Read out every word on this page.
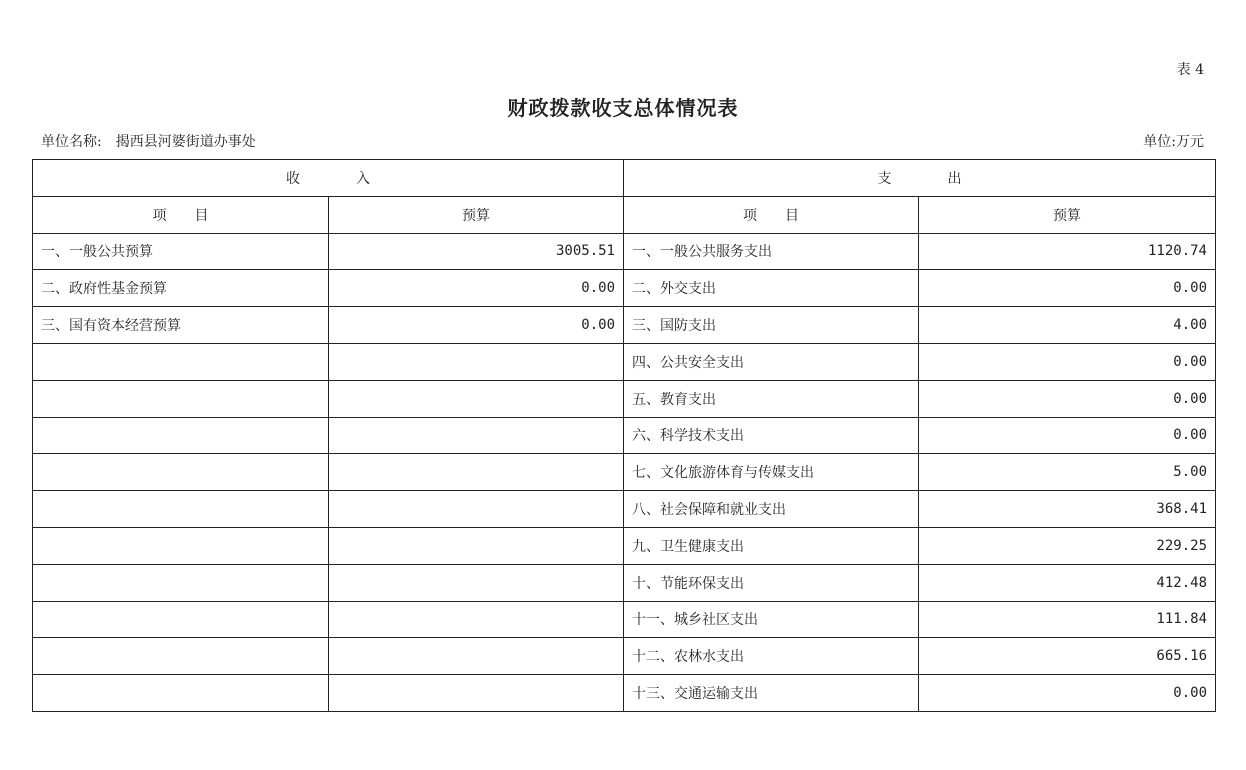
表 4
财政拨款收支总体情况表
单位名称: 揭西县河婆街道办事处	单位:万元
收 入		支 出	
项　　目	预算	项　　目	预算
一、一般公共预算	3005.51	一、一般公共服务支出	1120.74
二、政府性基金预算	0.00	二、外交支出	0.00
三、国有资本经营预算	0.00	三、国防支出	4.00
		四、公共安全支出	0.00
		五、教育支出	0.00
		六、科学技术支出	0.00
		七、文化旅游体育与传媒支出	5.00
		八、社会保障和就业支出	368.41
		九、卫生健康支出	229.25
		十、节能环保支出	412.48
		十一、城乡社区支出	111.84
		十二、农林水支出	665.16
		十三、交通运输支出	0.00
